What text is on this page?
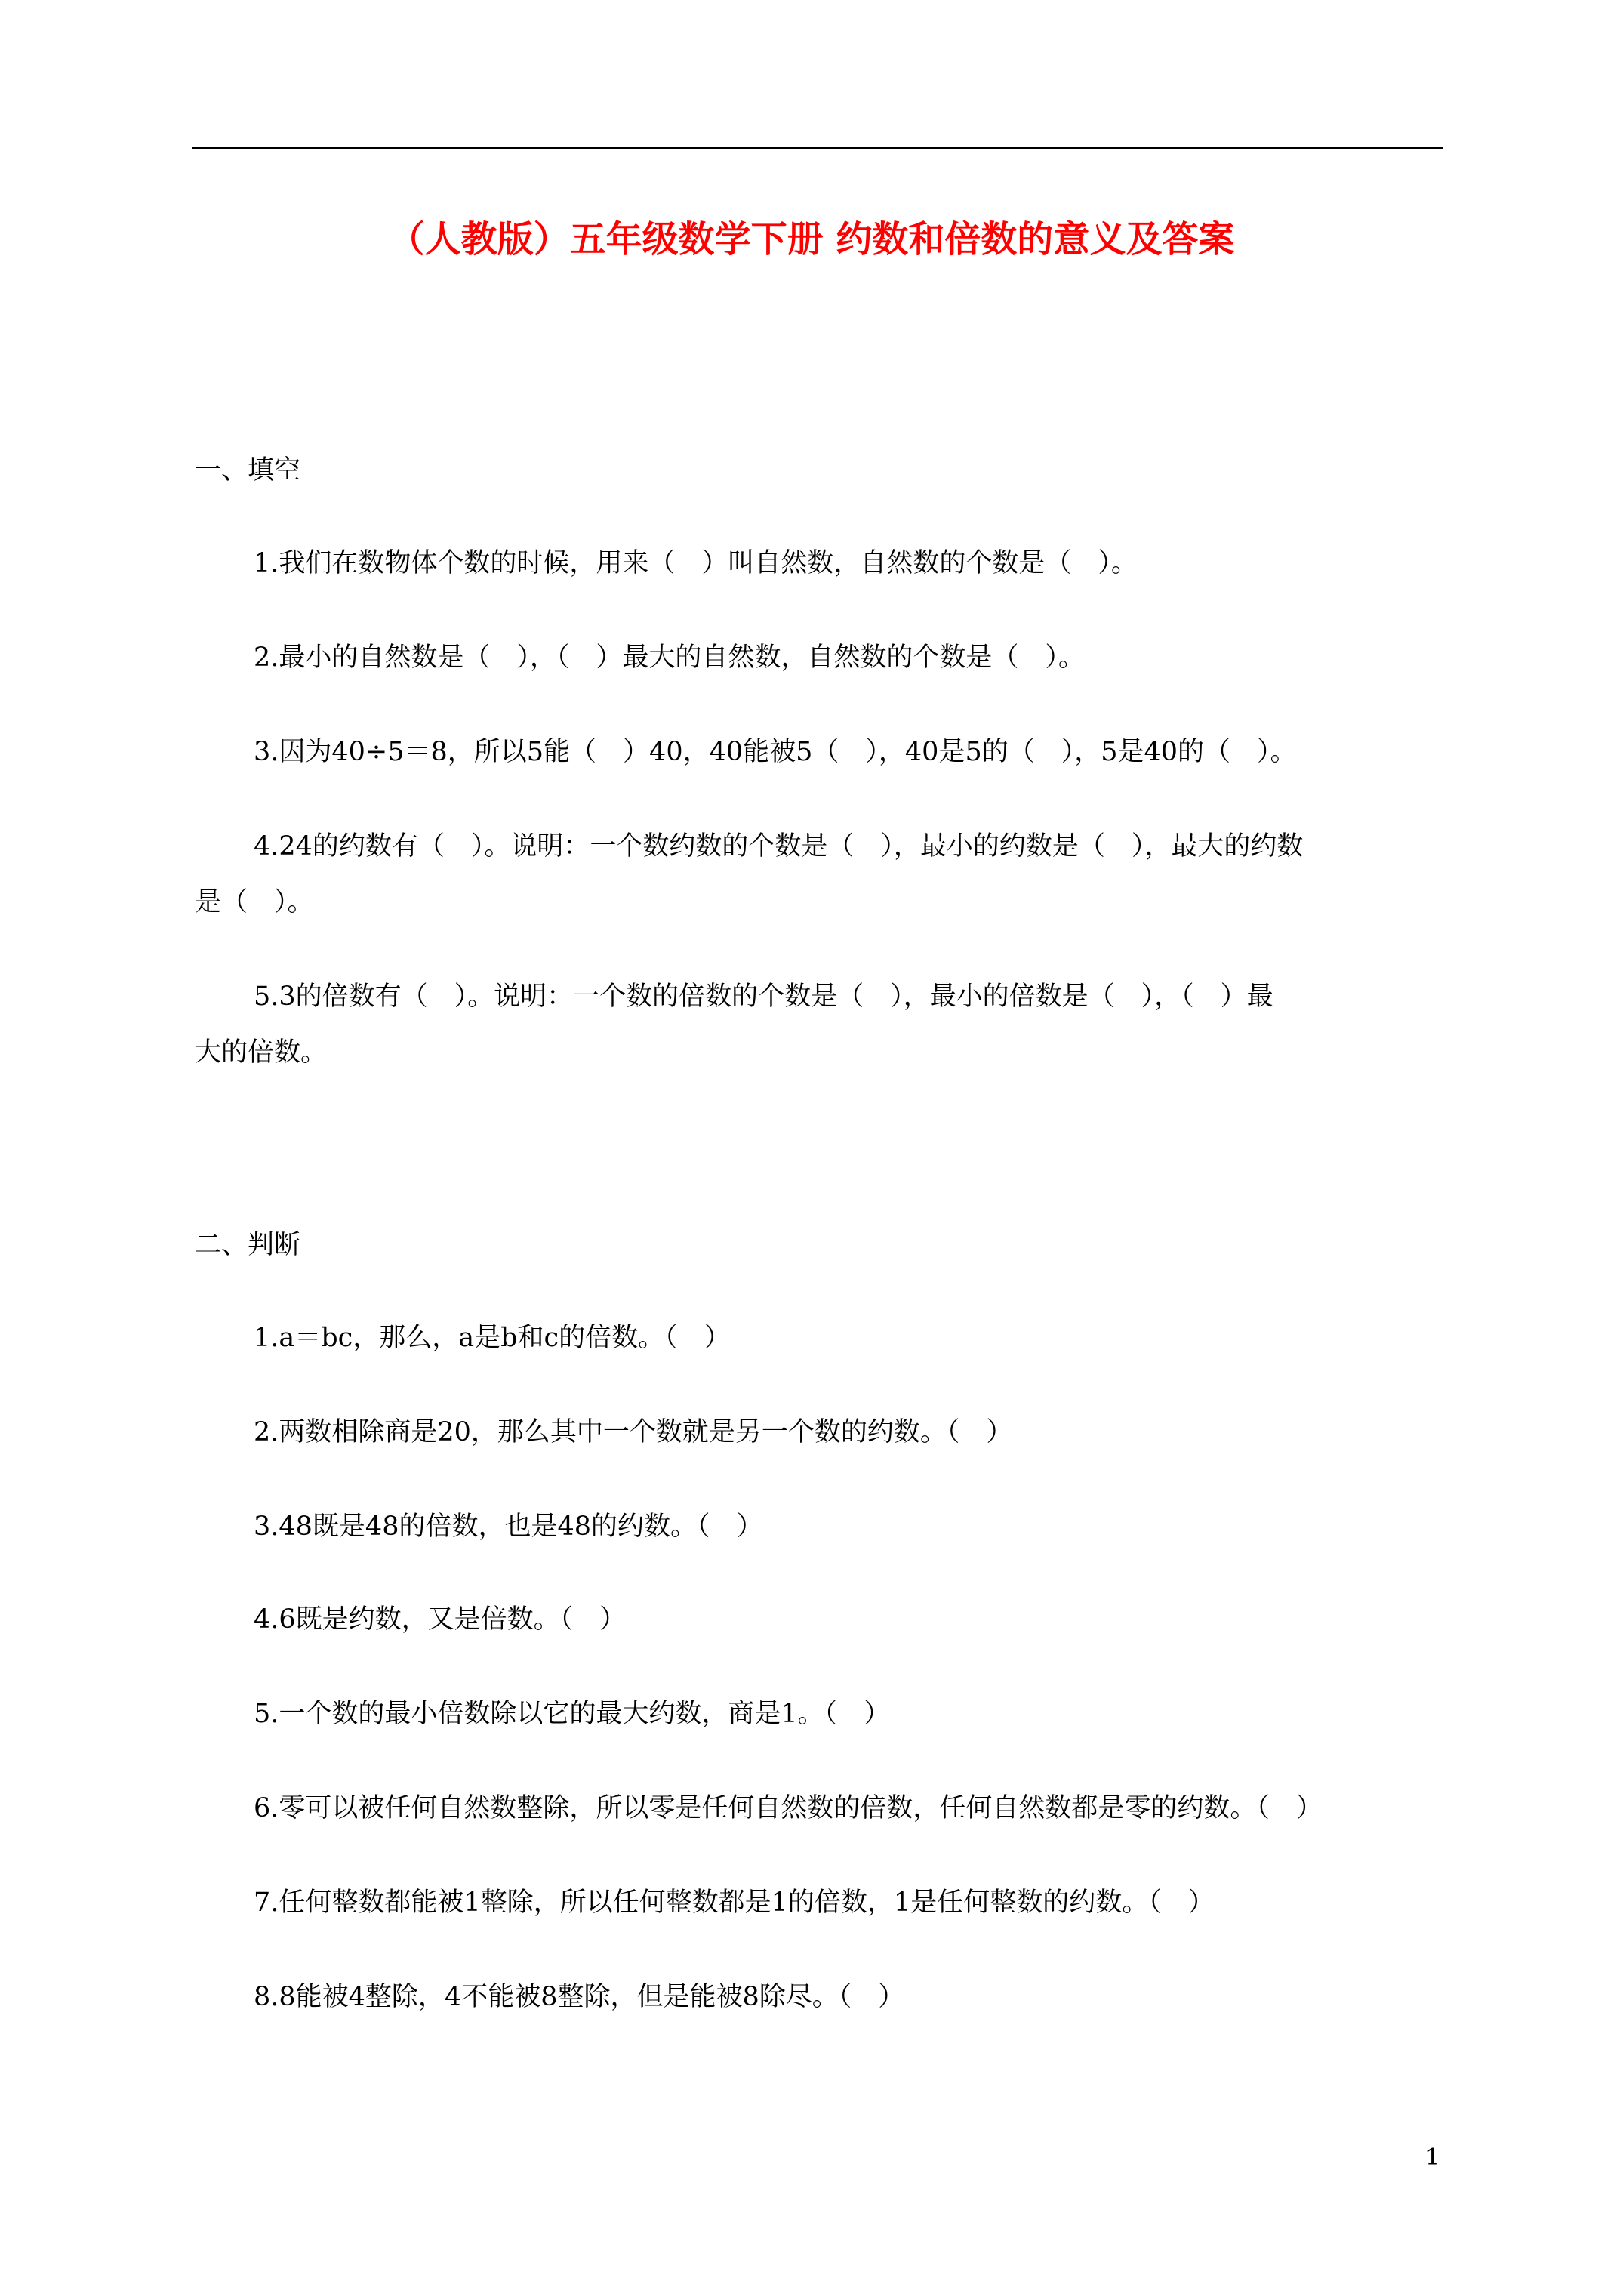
（人教版）五年级数学下册 约数和倍数的意义及答案
一、填空
1.我们在数物体个数的时候，用来（　）叫自然数，自然数的个数是（　）。
2.最小的自然数是（　），（　）最大的自然数，自然数的个数是（　）。
3.因为40÷5＝8，所以5能（　）40，40能被5（　），40是5的（　），5是40的（　）。
4.24的约数有（　）。说明：一个数约数的个数是（　），最小的约数是（　），最大的约数
是（　）。
5.3的倍数有（　）。说明：一个数的倍数的个数是（　），最小的倍数是（　），（　）最
大的倍数。
二、判断
1.a＝bc，那么，a是b和c的倍数。（　）
2.两数相除商是20，那么其中一个数就是另一个数的约数。（　）
3.48既是48的倍数，也是48的约数。（　）
4.6既是约数，又是倍数。（　）
5.一个数的最小倍数除以它的最大约数，商是1。（　）
6.零可以被任何自然数整除，所以零是任何自然数的倍数，任何自然数都是零的约数。（　）
7.任何整数都能被1整除，所以任何整数都是1的倍数，1是任何整数的约数。（　）
8.8能被4整除，4不能被8整除，但是能被8除尽。（　）
1
